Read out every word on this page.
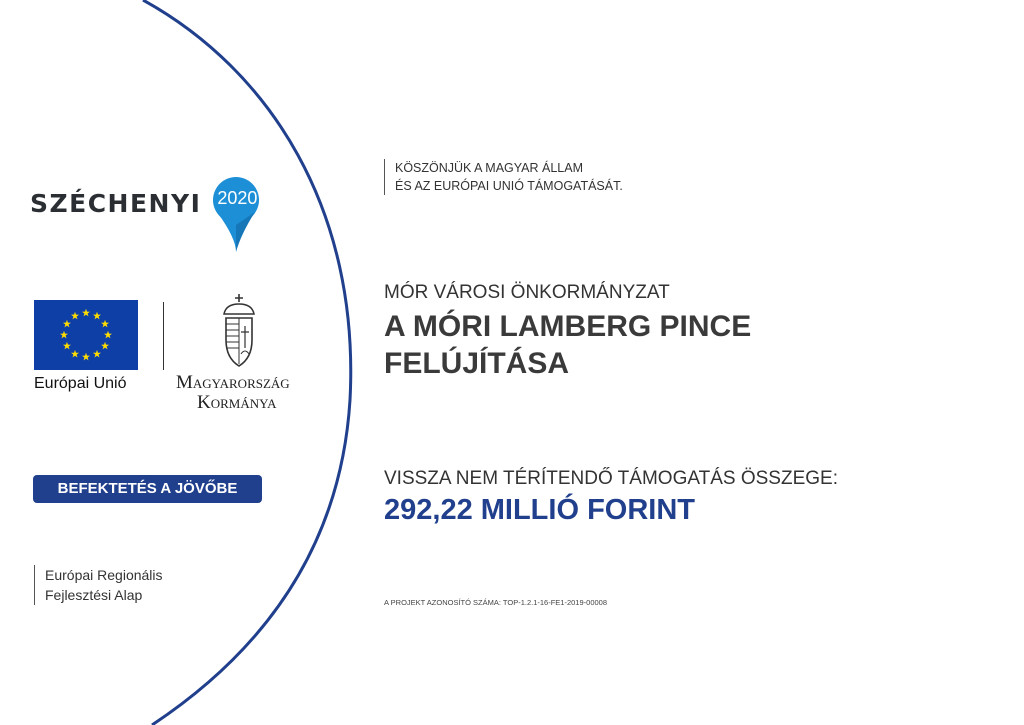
SZÉCHENYI 2020
Európai Unió	Magyarország
Kormánya
BEFEKTETÉS A JÖVŐBE
Európai Regionális
Fejlesztési Alap
KÖSZÖNJÜK A MAGYAR ÁLLAM
ÉS AZ EURÓPAI UNIÓ TÁMOGATÁSÁT.
MÓR VÁROSI ÖNKORMÁNYZAT
A MÓRI LAMBERG PINCE
FELÚJÍTÁSA
VISSZA NEM TÉRÍTENDŐ TÁMOGATÁS ÖSSZEGE:
292,22 MILLIÓ FORINT
A PROJEKT AZONOSÍTÓ SZÁMA: TOP-1.2.1-16-FE1-2019-00008
